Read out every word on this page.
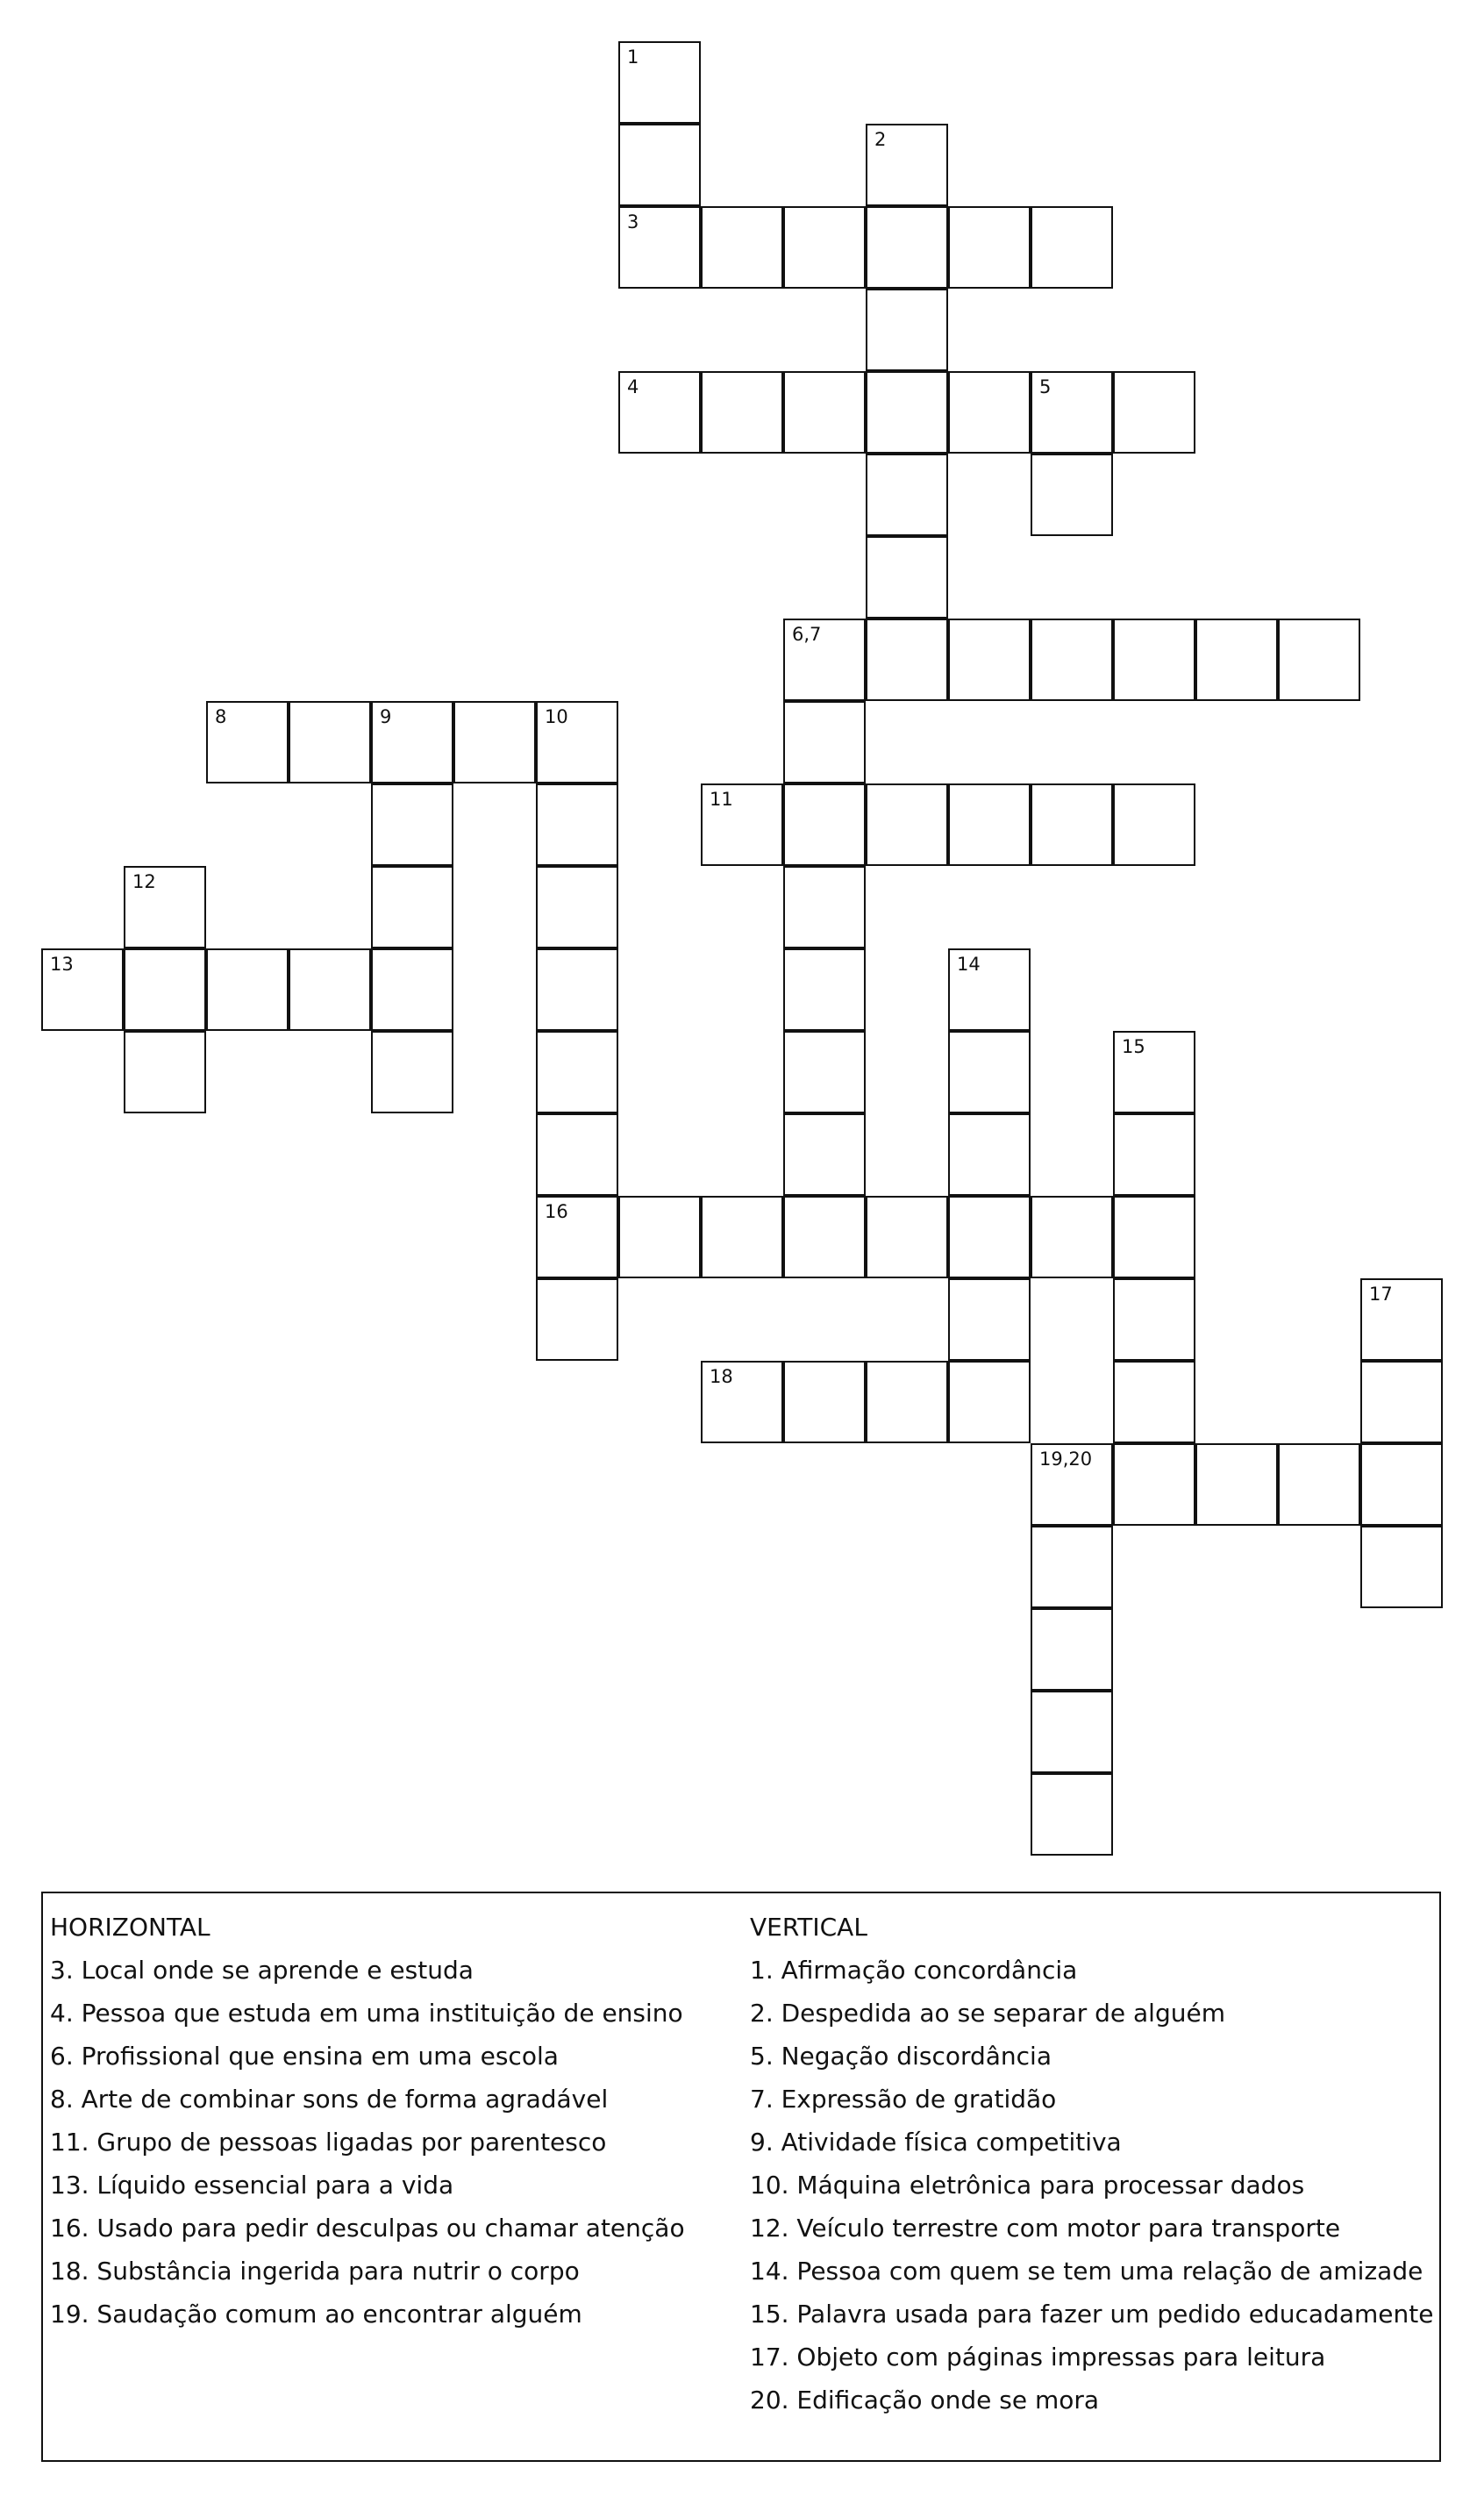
1
2
3
4	5
6,7
8	9	10
11
12
13	14
15
16
17
18
19,20
HORIZONTAL
3. Local onde se aprende e estuda
4. Pessoa que estuda em uma instituição de ensino
6. Profissional que ensina em uma escola
8. Arte de combinar sons de forma agradável
11. Grupo de pessoas ligadas por parentesco
13. Líquido essencial para a vida
16. Usado para pedir desculpas ou chamar atenção
18. Substância ingerida para nutrir o corpo
19. Saudação comum ao encontrar alguém
VERTICAL
1. Afirmação concordância
2. Despedida ao se separar de alguém
5. Negação discordância
7. Expressão de gratidão
9. Atividade física competitiva
10. Máquina eletrônica para processar dados
12. Veículo terrestre com motor para transporte
14. Pessoa com quem se tem uma relação de amizade
15. Palavra usada para fazer um pedido educadamente
17. Objeto com páginas impressas para leitura
20. Edificação onde se mora
